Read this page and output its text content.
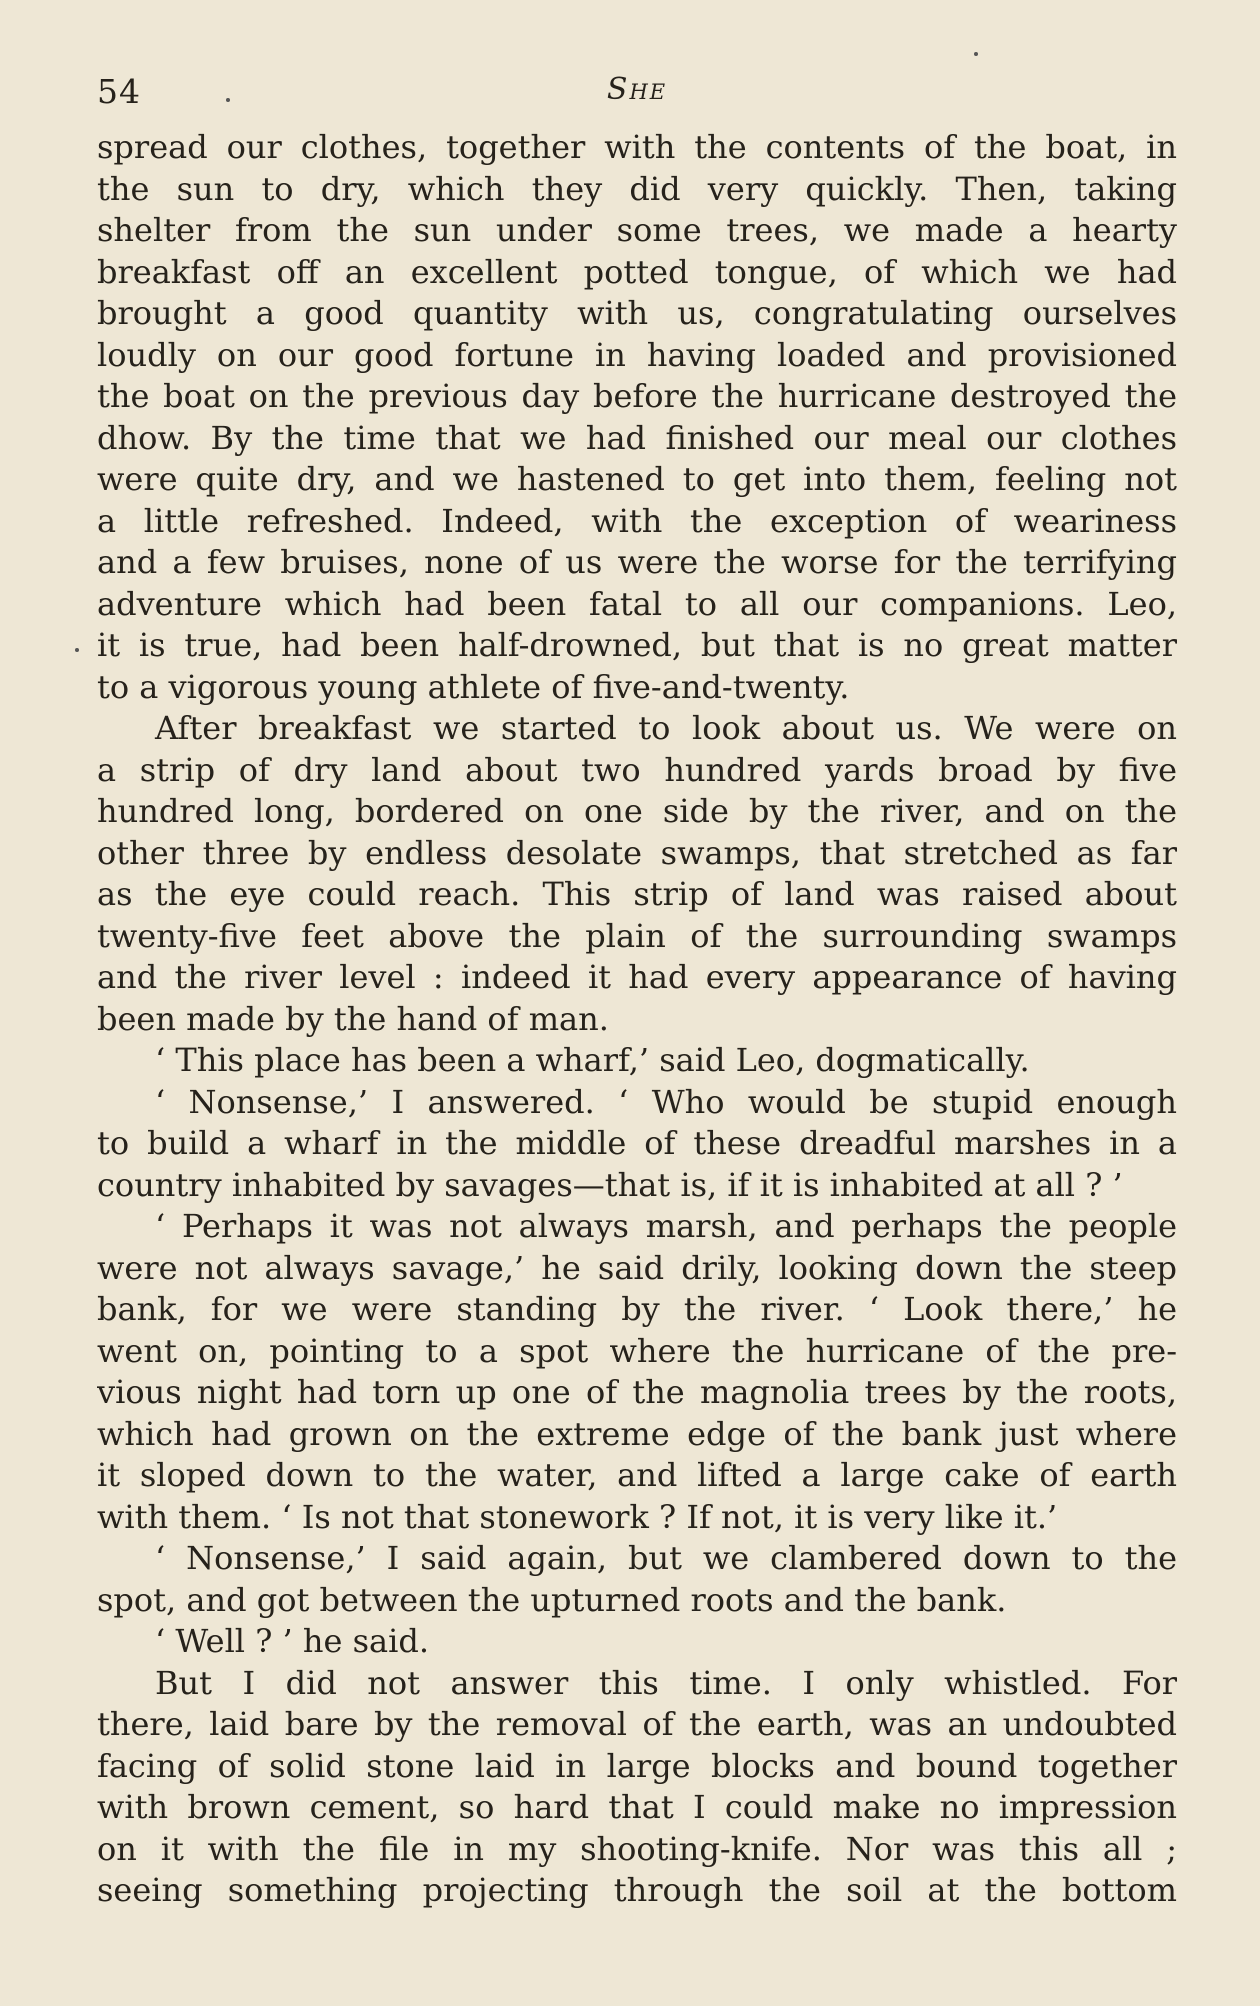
54	She
spread our clothes, together with the contents of the boat, in
the sun to dry, which they did very quickly. Then, taking
shelter from the sun under some trees, we made a hearty
breakfast off an excellent potted tongue, of which we had
brought a good quantity with us, congratulating ourselves
loudly on our good fortune in having loaded and provisioned
the boat on the previous day before the hurricane destroyed the
dhow. By the time that we had finished our meal our clothes
were quite dry, and we hastened to get into them, feeling not
a little refreshed. Indeed, with the exception of weariness
and a few bruises, none of us were the worse for the terrifying
adventure which had been fatal to all our companions. Leo,
it is true, had been half-drowned, but that is no great matter
to a vigorous young athlete of five-and-twenty.
After breakfast we started to look about us. We were on
a strip of dry land about two hundred yards broad by five
hundred long, bordered on one side by the river, and on the
other three by endless desolate swamps, that stretched as far
as the eye could reach. This strip of land was raised about
twenty-five feet above the plain of the surrounding swamps
and the river level : indeed it had every appearance of having
been made by the hand of man.
‘ This place has been a wharf,’ said Leo, dogmatically.
‘ Nonsense,’ I answered. ‘ Who would be stupid enough
to build a wharf in the middle of these dreadful marshes in a
country inhabited by savages—that is, if it is inhabited at all ? ’
‘ Perhaps it was not always marsh, and perhaps the people
were not always savage,’ he said drily, looking down the steep
bank, for we were standing by the river. ‘ Look there,’ he
went on, pointing to a spot where the hurricane of the pre-
vious night had torn up one of the magnolia trees by the roots,
which had grown on the extreme edge of the bank just where
it sloped down to the water, and lifted a large cake of earth
with them. ‘ Is not that stonework ? If not, it is very like it.’
‘ Nonsense,’ I said again, but we clambered down to the
spot, and got between the upturned roots and the bank.
‘ Well ? ’ he said.
But I did not answer this time. I only whistled. For
there, laid bare by the removal of the earth, was an undoubted
facing of solid stone laid in large blocks and bound together
with brown cement, so hard that I could make no impression
on it with the file in my shooting-knife. Nor was this all ;
seeing something projecting through the soil at the bottom
